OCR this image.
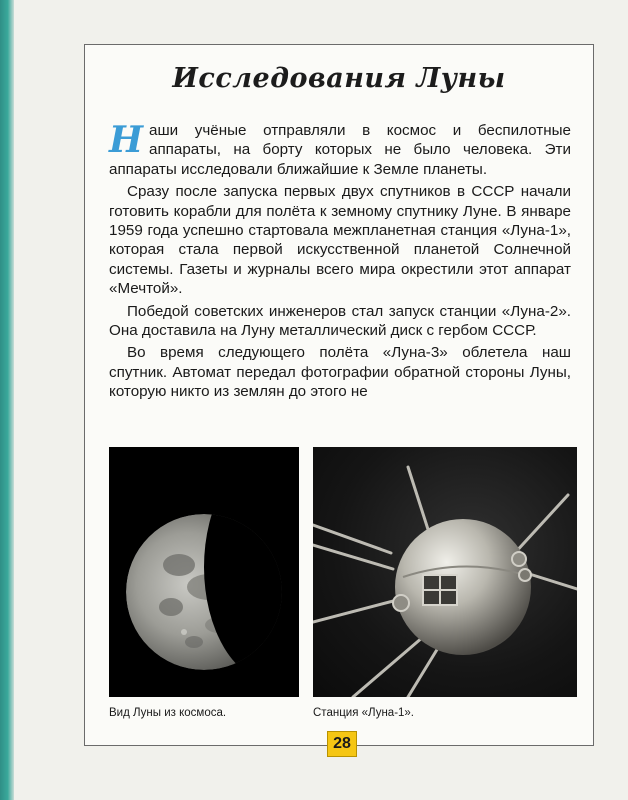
Исследования Луны

Наши учёные отправляли в космос и беспилотные аппараты, на борту которых не было человека. Эти аппараты исследовали ближайшие к Земле планеты.

Сразу после запуска первых двух спутников в СССР начали готовить корабли для полёта к земному спутнику Луне. В январе 1959 года успешно стартовала межпланетная станция «Луна-1», которая стала первой искусственной планетой Солнечной системы. Газеты и журналы всего мира окрестили этот аппарат «Мечтой».

Победой советских инженеров стал запуск станции «Луна-2». Она доставила на Луну металлический диск с гербом СССР.

Во время следующего полёта «Луна-3» облетела наш спутник. Автомат передал фотографии обратной стороны Луны, которую никто из землян до этого не

Вид Луны из космоса.	Станция «Луна-1».
28
